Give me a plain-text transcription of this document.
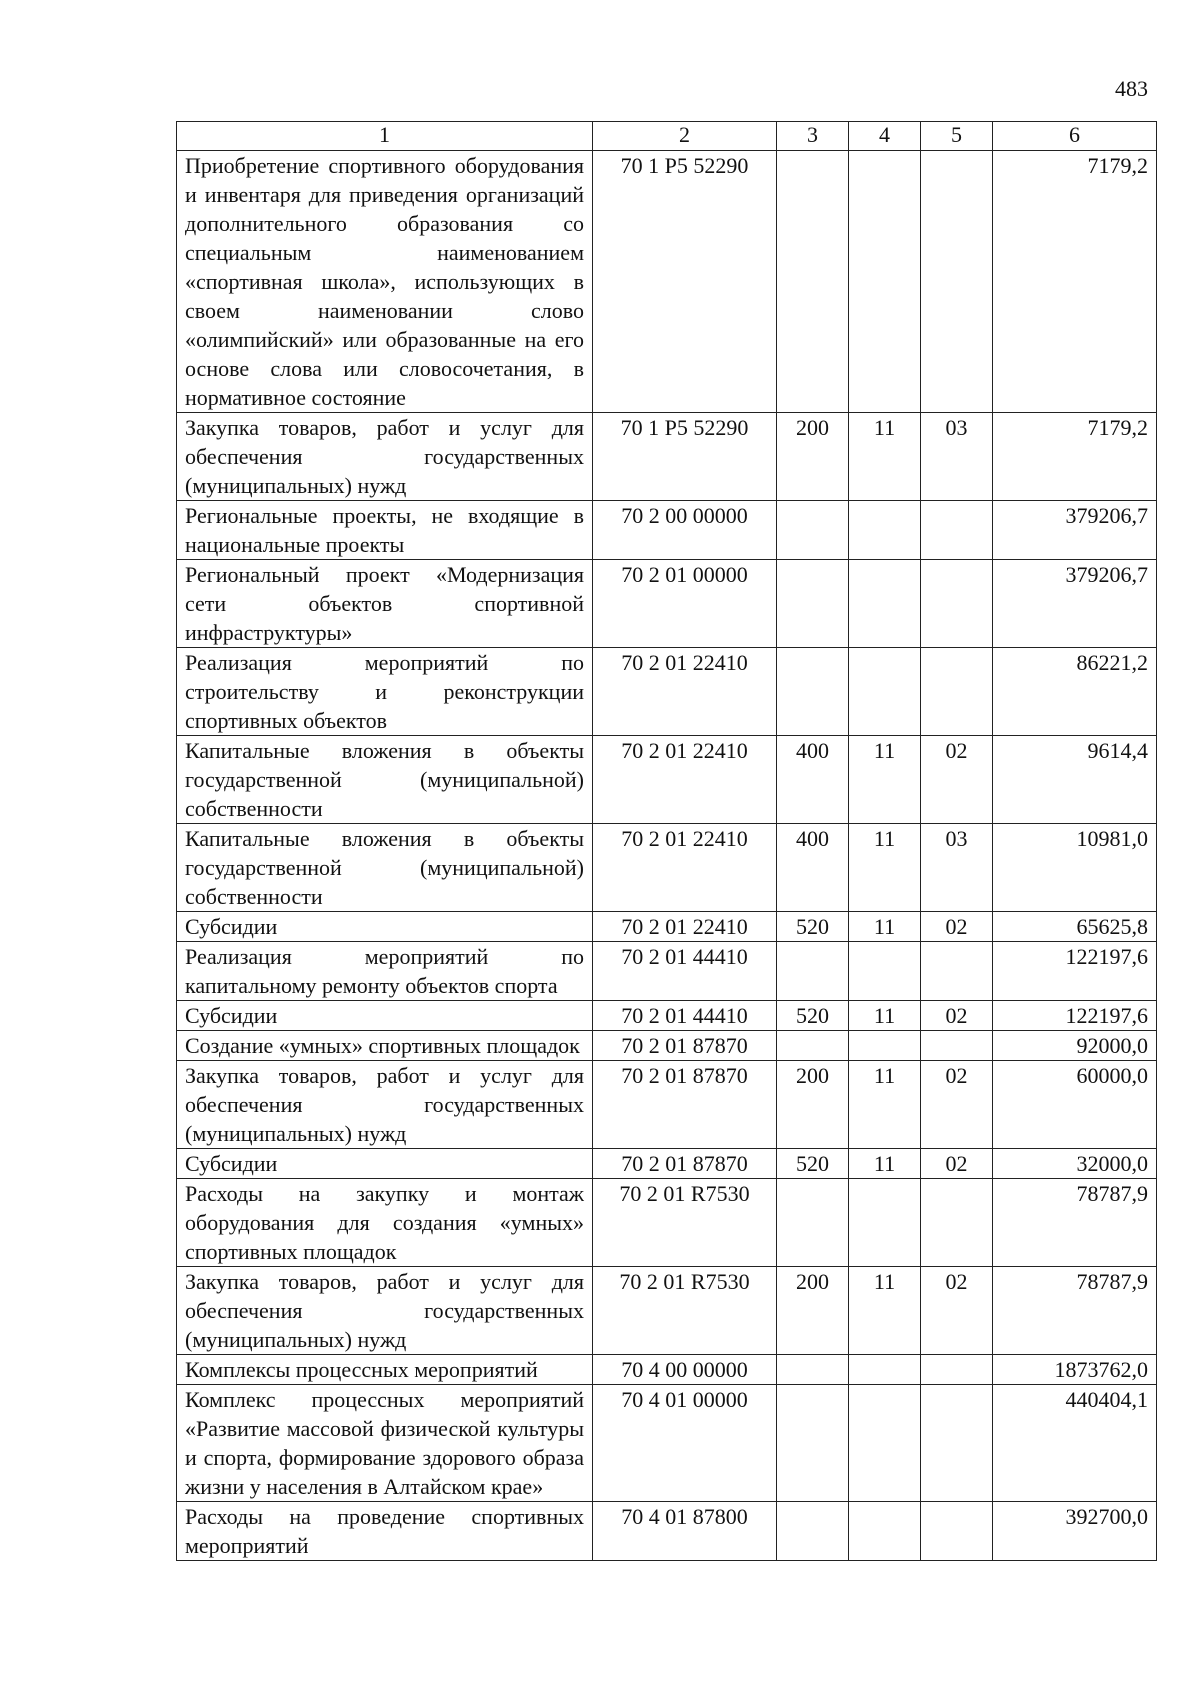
483
1	2	3	4	5	6
Приобретение спортивного оборудования и инвентаря для приведения организаций дополнительного образования со специальным наименованием «спортивная школа», использующих в своем наименовании слово «олимпийский» или образованные на его основе слова или словосочетания, в нормативное состояние	70 1 Р5 52290				7179,2
Закупка товаров, работ и услуг для обеспечения государственных (муниципальных) нужд	70 1 Р5 52290	200	11	03	7179,2
Региональные проекты, не входящие в национальные проекты	70 2 00 00000				379206,7
Региональный проект «Модернизация сети объектов спортивной инфраструктуры»	70 2 01 00000				379206,7
Реализация мероприятий по строительству и реконструкции спортивных объектов	70 2 01 22410				86221,2
Капитальные вложения в объекты государственной (муниципальной) собственности	70 2 01 22410	400	11	02	9614,4
Капитальные вложения в объекты государственной (муниципальной) собственности	70 2 01 22410	400	11	03	10981,0
Субсидии	70 2 01 22410	520	11	02	65625,8
Реализация мероприятий по капитальному ремонту объектов спорта	70 2 01 44410				122197,6
Субсидии	70 2 01 44410	520	11	02	122197,6
Создание «умных» спортивных площадок	70 2 01 87870				92000,0
Закупка товаров, работ и услуг для обеспечения государственных (муниципальных) нужд	70 2 01 87870	200	11	02	60000,0
Субсидии	70 2 01 87870	520	11	02	32000,0
Расходы на закупку и монтаж оборудования для создания «умных» спортивных площадок	70 2 01 R7530				78787,9
Закупка товаров, работ и услуг для обеспечения государственных (муниципальных) нужд	70 2 01 R7530	200	11	02	78787,9
Комплексы процессных мероприятий	70 4 00 00000				1873762,0
Комплекс процессных мероприятий «Развитие массовой физической культуры и спорта, формирование здорового образа жизни у населения в Алтайском крае»	70 4 01 00000				440404,1
Расходы на проведение спортивных мероприятий	70 4 01 87800				392700,0
